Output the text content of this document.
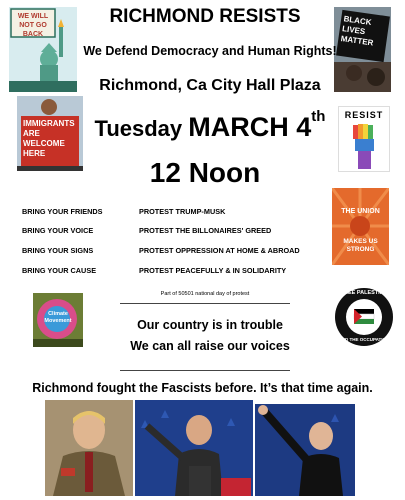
WE WILL NOT GO BACK
BLACK LIVES MATTER
RICHMOND RESISTS
We Defend Democracy and Human Rights!
Richmond, Ca City Hall Plaza
Tuesday MARCH 4th
12 Noon
IMMIGRANTS ARE WELCOME HERE
RESIST
BRING YOUR FRIENDS
BRING YOUR VOICE
BRING YOUR SIGNS
BRING YOUR CAUSE
PROTEST TRUMP-MUSK
PROTEST THE BILLONAIRES' GREED
PROTEST OPPRESSION AT HOME & ABROAD
PROTEST PEACEFULLY & IN SOLIDARITY
THE UNION
MAKES US STRONG
Part of 50501 national day of protest
Climate Movement	Our country is in trouble
We can all raise our voices
FREE PALESTINE
END THE OCCUPATION
Richmond fought the Fascists before. It’s that time again.
